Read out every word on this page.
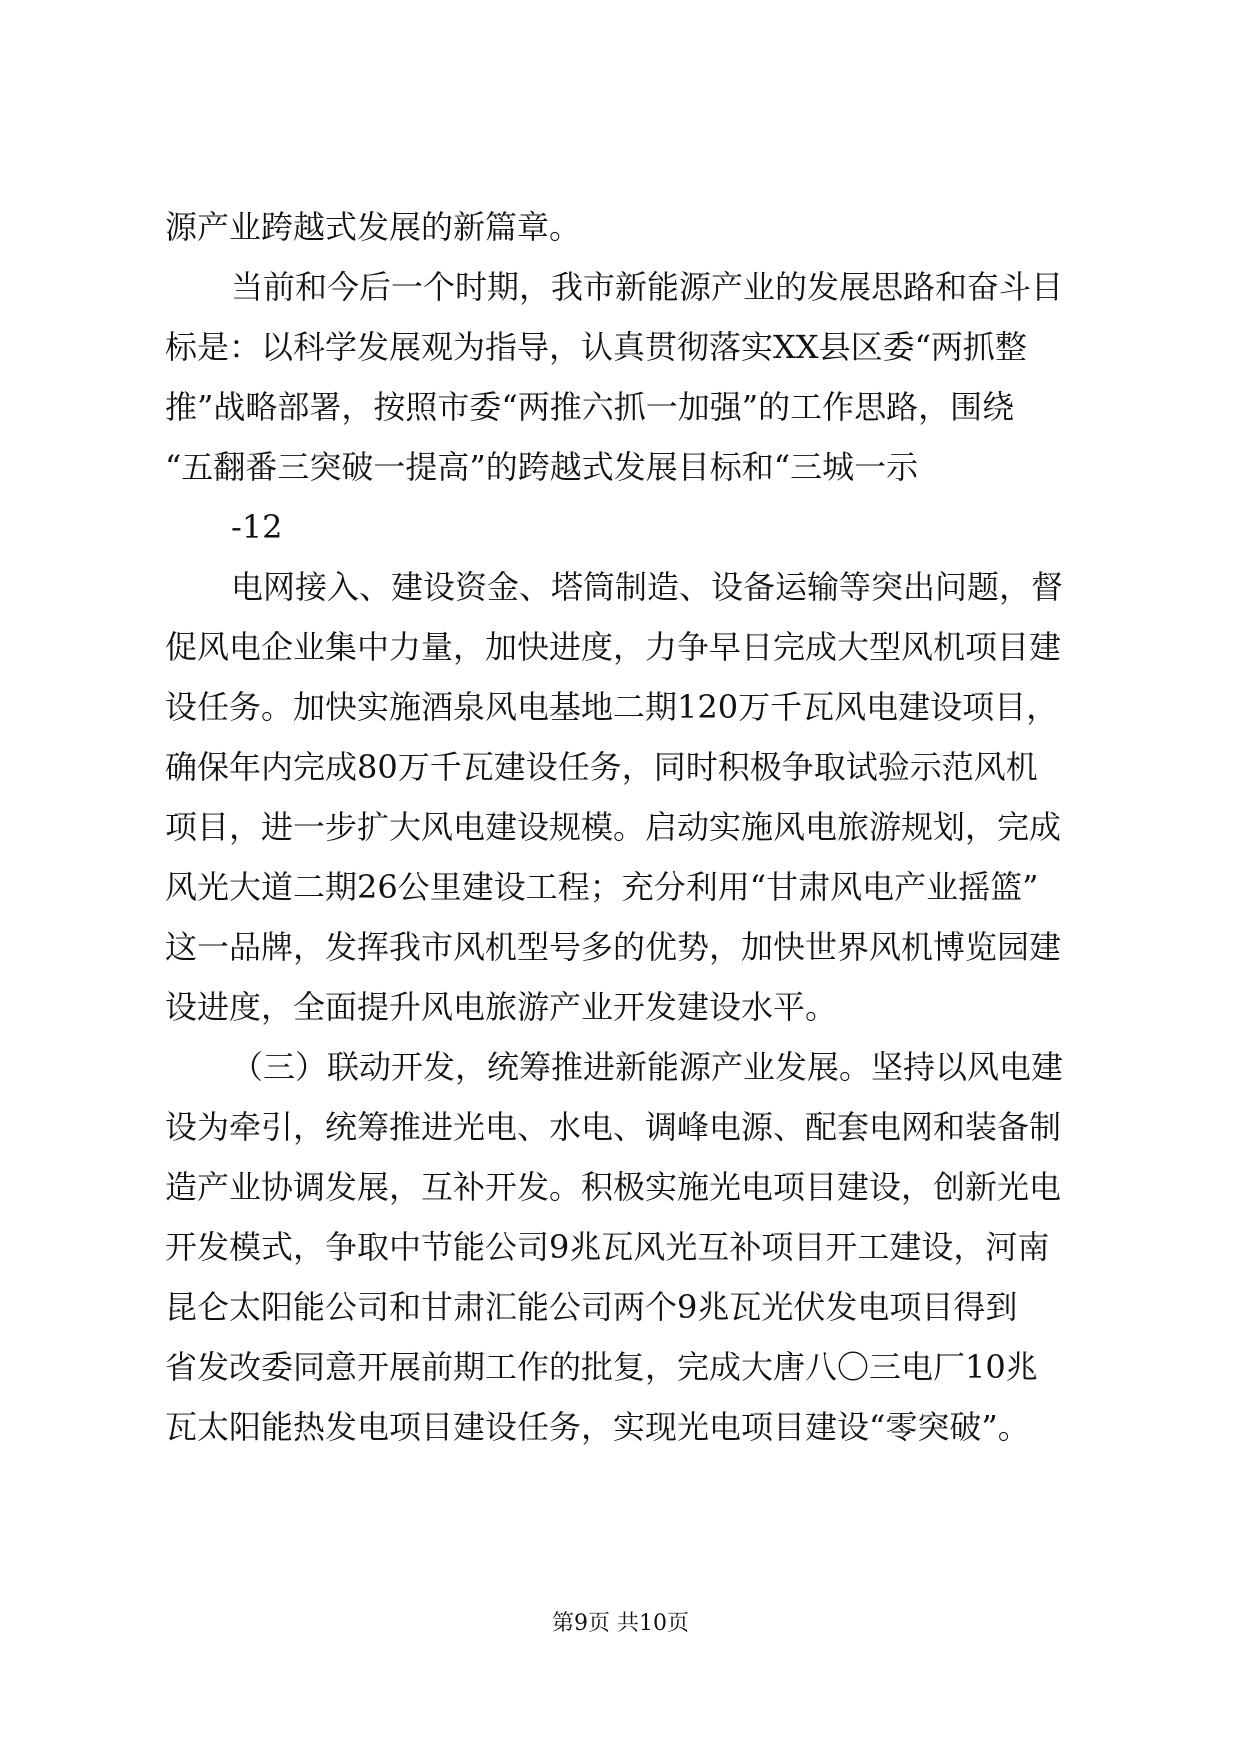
源产业跨越式发展的新篇章。
当前和今后一个时期，我市新能源产业的发展思路和奋斗目
标是：以科学发展观为指导，认真贯彻落实XX县区委“两抓整
推”战略部署，按照市委“两推六抓一加强”的工作思路，围绕
“五翻番三突破一提高”的跨越式发展目标和“三城一示
-12
电网接入、建设资金、塔筒制造、设备运输等突出问题，督
促风电企业集中力量，加快进度，力争早日完成大型风机项目建
设任务。加快实施酒泉风电基地二期120万千瓦风电建设项目，
确保年内完成80万千瓦建设任务，同时积极争取试验示范风机
项目，进一步扩大风电建设规模。启动实施风电旅游规划，完成
风光大道二期26公里建设工程；充分利用“甘肃风电产业摇篮”
这一品牌，发挥我市风机型号多的优势，加快世界风机博览园建
设进度，全面提升风电旅游产业开发建设水平。
（三）联动开发，统筹推进新能源产业发展。坚持以风电建
设为牵引，统筹推进光电、水电、调峰电源、配套电网和装备制
造产业协调发展，互补开发。积极实施光电项目建设，创新光电
开发模式，争取中节能公司9兆瓦风光互补项目开工建设，河南
昆仑太阳能公司和甘肃汇能公司两个9兆瓦光伏发电项目得到
省发改委同意开展前期工作的批复，完成大唐八〇三电厂10兆
瓦太阳能热发电项目建设任务，实现光电项目建设“零突破”。
第9页 共10页
